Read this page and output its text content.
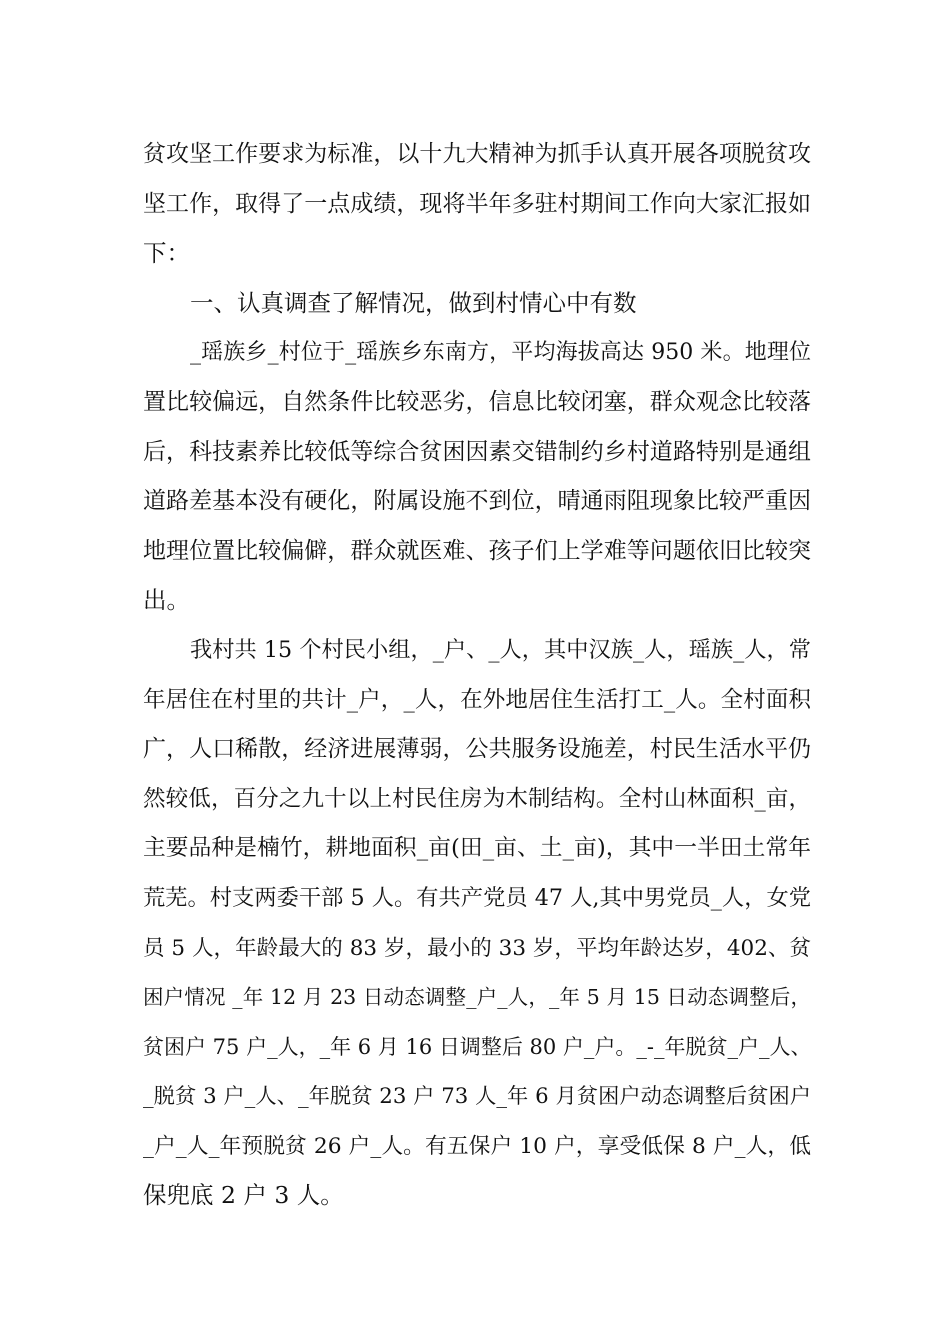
贫攻坚工作要求为标准，以十九大精神为抓手认真开展各项脱贫攻
坚工作，取得了一点成绩，现将半年多驻村期间工作向大家汇报如
下：
一、认真调查了解情况，做到村情心中有数
_瑶族乡_村位于_瑶族乡东南方，平均海拔高达 950 米。地理位
置比较偏远，自然条件比较恶劣，信息比较闭塞，群众观念比较落
后，科技素养比较低等综合贫困因素交错制约乡村道路特别是通组
道路差基本没有硬化，附属设施不到位，晴通雨阻现象比较严重因
地理位置比较偏僻，群众就医难、孩子们上学难等问题依旧比较突
出。
我村共 15 个村民小组，_户、_人，其中汉族_人，瑶族_人，常
年居住在村里的共计_户，_人，在外地居住生活打工_人。全村面积
广，人口稀散，经济进展薄弱，公共服务设施差，村民生活水平仍
然较低，百分之九十以上村民住房为木制结构。全村山林面积_亩，
主要品种是楠竹，耕地面积_亩(田_亩、土_亩)，其中一半田土常年
荒芜。村支两委干部 5 人。有共产党员 47 人,其中男党员_人，女党
员 5 人，年龄最大的 83 岁，最小的 33 岁，平均年龄达岁，402、贫
困户情况 _年 12 月 23 日动态调整_户_人，_年 5 月 15 日动态调整后，
贫困户 75 户_人，_年 6 月 16 日调整后 80 户_户。_-_年脱贫_户_人、
_脱贫 3 户_人、_年脱贫 23 户 73 人_年 6 月贫困户动态调整后贫困户
_户_人_年预脱贫 26 户_人。有五保户 10 户，享受低保 8 户_人，低
保兜底 2 户 3 人。
